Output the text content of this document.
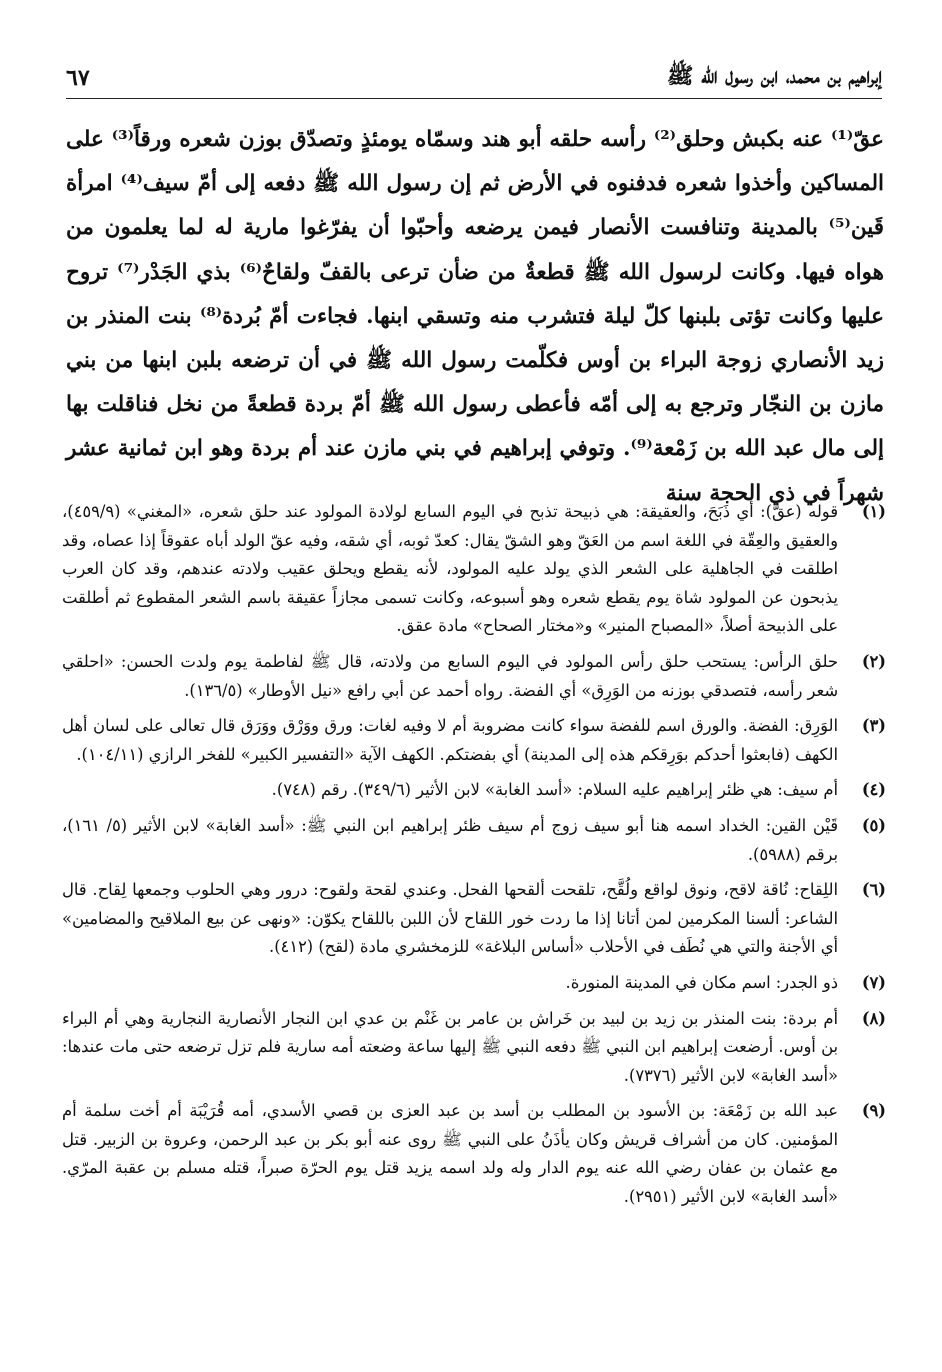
إبراهيم بن محمد، ابن رسول الله ﷺ
٦٧

عقّ⁽¹⁾ عنه بكبش وحلق⁽²⁾ رأسه حلقه أبو هند وسمّاه يومئذٍ وتصدّق بوزن شعره ورقاً⁽³⁾ على المساكين وأخذوا شعره فدفنوه في الأرض ثم إن رسول الله ﷺ دفعه إلى أمّ سيف⁽⁴⁾ امرأة قَين⁽⁵⁾ بالمدينة وتنافست الأنصار فيمن يرضعه وأحبّوا أن يفرّغوا مارية له لما يعلمون من هواه فيها. وكانت لرسول الله ﷺ قطعةٌ من ضأن ترعى بالقفّ ولقاحٌ⁽⁶⁾ بذي الجَدْر⁽⁷⁾ تروح عليها وكانت تؤتى بلبنها كلّ ليلة فتشرب منه وتسقي ابنها. فجاءت أمّ بُردة⁽⁸⁾ بنت المنذر بن زيد الأنصاري زوجة البراء بن أوس فكلّمت رسول الله ﷺ في أن ترضعه بلبن ابنها من بني مازن بن النجّار وترجع به إلى أمّه فأعطى رسول الله ﷺ أمّ بردة قطعةً من نخل فناقلت بها إلى مال عبد الله بن زَمْعة⁽⁹⁾. وتوفي إبراهيم في بني مازن عند أم بردة وهو ابن ثمانية عشر شهراً في ذي الحجة سنة

(١)
قوله (عقّ): أي ذَبَحَ، والعقيقة: هي ذبيحة تذبح في اليوم السابع لولادة المولود عند حلق شعره، «المغني» (٤٥٩/٩)، والعقيق والعِقّة في اللغة اسم من العَقّ وهو الشقّ يقال: كعدّ ثوبه، أي شقه، وفيه عقّ الولد أباه عقوقاً إذا عصاه، وقد اطلقت في الجاهلية على الشعر الذي يولد عليه المولود، لأنه يقطع ويحلق عقيب ولادته عندهم، وقد كان العرب يذبحون عن المولود شاة يوم يقطع شعره وهو أسبوعه، وكانت تسمى مجازاً عقيقة باسم الشعر المقطوع ثم أطلقت على الذبيحة أصلاً، «المصباح المنير» و«مختار الصحاح» مادة عقق.
(٢)
حلق الرأس: يستحب حلق رأس المولود في اليوم السابع من ولادته، قال ﷺ لفاطمة يوم ولدت الحسن: «احلقي شعر رأسه، فتصدقي بوزنه من الوَرِق» أي الفضة. رواه أحمد عن أبي رافع «نيل الأوطار» (١٣٦/٥).
(٣)
الوَرِق: الفضة. والورق اسم للفضة سواء كانت مضروبة أم لا وفيه لغات: ورق ووَرْق ووَرَق قال تعالى على لسان أهل الكهف (فابعثوا أحدكم بوَرِقكم هذه إلى المدينة) أي بفضتكم. الكهف الآية «التفسير الكبير» للفخر الرازي (١٠٤/١١).
(٤)
أم سيف: هي ظئر إبراهيم عليه السلام: «أسد الغابة» لابن الأثير (٣٤٩/٦). رقم (٧٤٨).
(٥)
قَيْن القين: الخداد اسمه هنا أبو سيف زوج أم سيف ظئر إبراهيم ابن النبي ﷺ: «أسد الغابة» لابن الأثير (٥/ ١٦١)، برقم (٥٩٨٨).
(٦)
اللِقاح: نُاقة لاقح، ونوق لواقع ولُقَّح، تلقحت ألقحها الفحل. وعندي لقحة ولقوح: درور وهي الحلوب وجمعها لِقاح. قال الشاعر: ألسنا المكرمين لمن أتانا إذا ما ردت خور اللقاح لأن اللبن باللقاح يكوّن: «ونهى عن بيع الملاقيح والمضامين» أي الأجنة والتي هي نُطَف في الأحلاب «أساس البلاغة» للزمخشري مادة (لقح) (٤١٢).
(٧)
ذو الجدر: اسم مكان في المدينة المنورة.
(٨)
أم بردة: بنت المنذر بن زيد بن لبيد بن خَراش بن عامر بن غَنْم بن عدي ابن النجار الأنصارية النجارية وهي أم البراء بن أوس. أرضعت إبراهيم ابن النبي ﷺ دفعه النبي ﷺ إليها ساعة وضعته أمه سارية فلم تزل ترضعه حتى مات عندها: «أسد الغابة» لابن الأثير (٧٣٧٦).
(٩)
عبد الله بن زَمْعَة: بن الأسود بن المطلب بن أسد بن عبد العزى بن قصي الأسدي، أمه قُرَيْبَة أم أخت سلمة أم المؤمنين. كان من أشراف قريش وكان يأذَنُ على النبي ﷺ روى عنه أبو بكر بن عبد الرحمن، وعروة بن الزبير. قتل مع عثمان بن عفان رضي الله عنه يوم الدار وله ولد اسمه يزيد قتل يوم الحرّة صبراً، قتله مسلم بن عقبة المرّي. «أسد الغابة» لابن الأثير (٢٩٥١).
